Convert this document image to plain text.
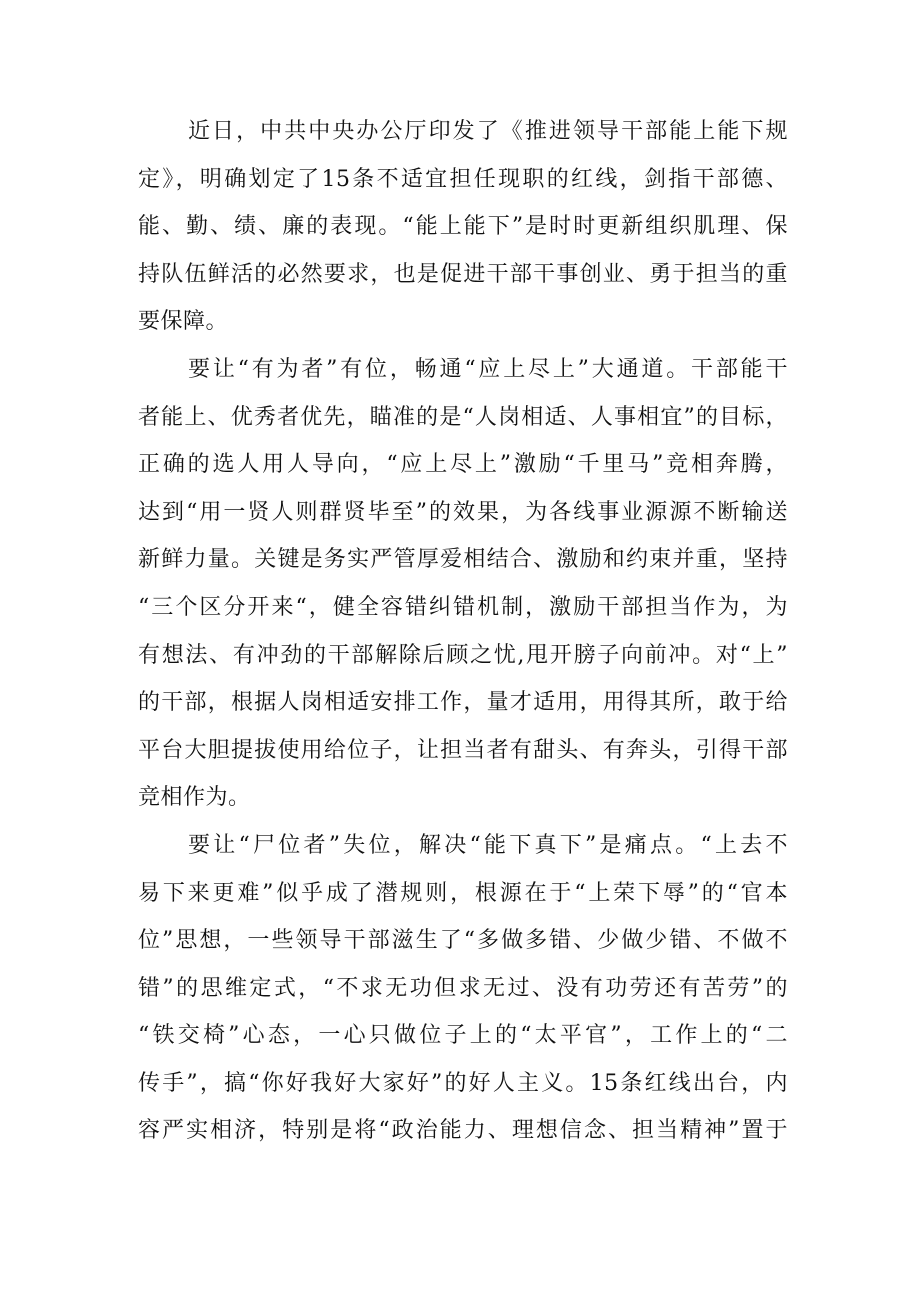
近日，中共中央办公厅印发了《推进领导干部能上能下规
定》，明确划定了15条不适宜担任现职的红线，剑指干部德、
能、勤、绩、廉的表现。“能上能下”是时时更新组织肌理、保
持队伍鲜活的必然要求，也是促进干部干事创业、勇于担当的重
要保障。
要让“有为者”有位，畅通“应上尽上”大通道。干部能干
者能上、优秀者优先，瞄准的是“人岗相适、人事相宜”的目标，
正确的选人用人导向，“应上尽上”激励“千里马”竞相奔腾，
达到“用一贤人则群贤毕至”的效果，为各线事业源源不断输送
新鲜力量。关键是务实严管厚爱相结合、激励和约束并重，坚持
“三个区分开来“，健全容错纠错机制，激励干部担当作为，为
有想法、有冲劲的干部解除后顾之忧,甩开膀子向前冲。对“上”
的干部，根据人岗相适安排工作，量才适用，用得其所，敢于给
平台大胆提拔使用给位子，让担当者有甜头、有奔头，引得干部
竞相作为。
要让“尸位者”失位，解决“能下真下”是痛点。“上去不
易下来更难”似乎成了潜规则，根源在于“上荣下辱”的“官本
位”思想，一些领导干部滋生了“多做多错、少做少错、不做不
错”的思维定式，“不求无功但求无过、没有功劳还有苦劳”的
“铁交椅”心态，一心只做位子上的“太平官”，工作上的“二
传手”，搞“你好我好大家好”的好人主义。15条红线出台，内
容严实相济，特别是将“政治能力、理想信念、担当精神”置于
